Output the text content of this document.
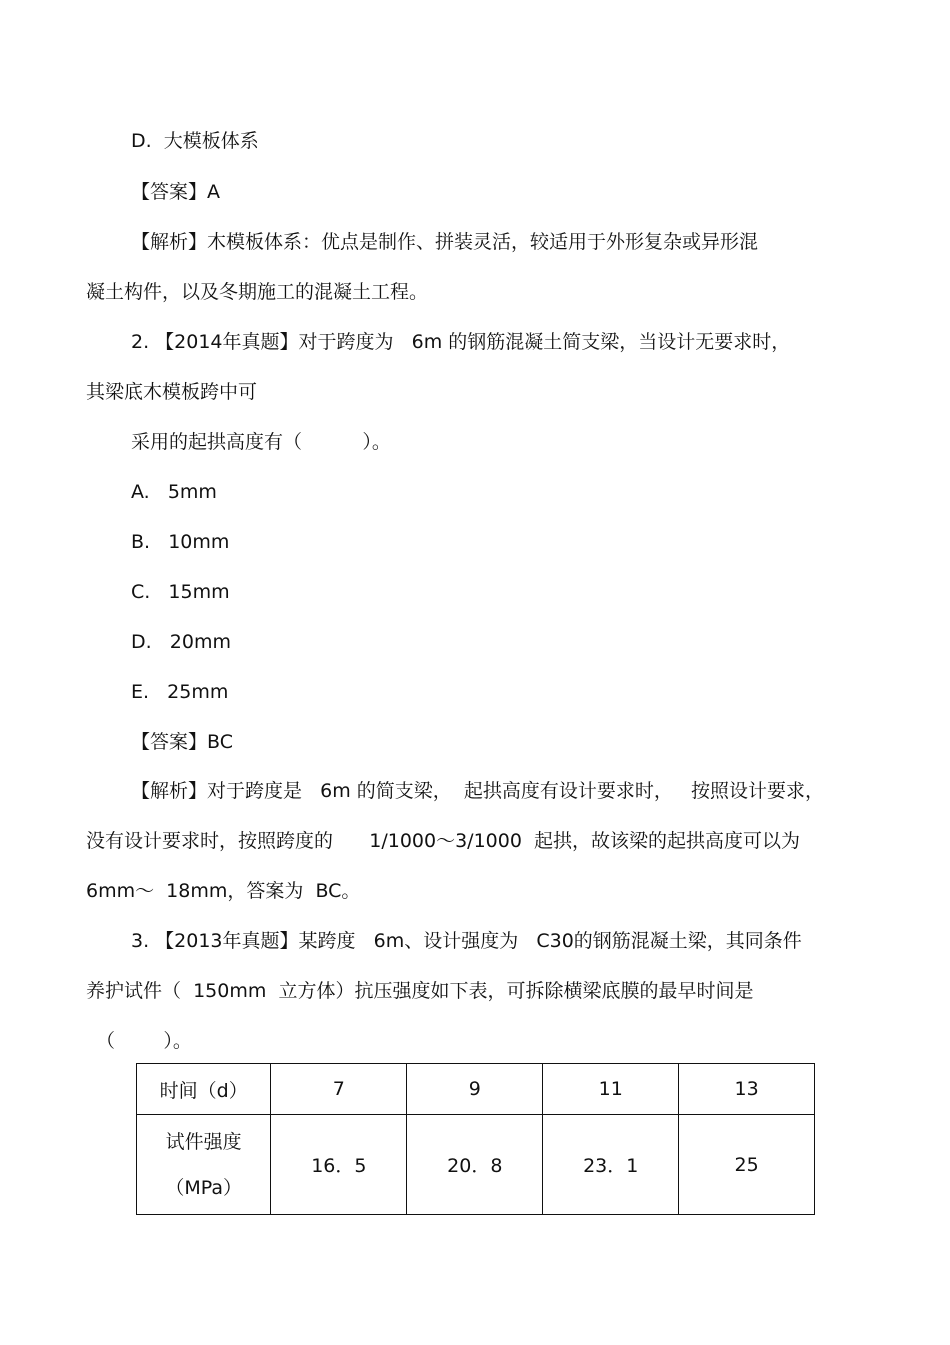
D.  大模板体系
【答案】A
【解析】木模板体系：优点是制作、拼装灵活，较适用于外形复杂或异形混
凝土构件，以及冬期施工的混凝土工程。
2. 【2014年真题】对于跨度为   6m 的钢筋混凝土简支梁，当设计无要求时，
其梁底木模板跨中可
采用的起拱高度有（          ）。
A.   5mm
B.   10mm
C.   15mm
D.   20mm
E.   25mm
【答案】BC
【解析】对于跨度是   6m 的简支梁，  起拱高度有设计要求时，   按照设计要求，
没有设计要求时，按照跨度的      1/1000～3/1000  起拱，故该梁的起拱高度可以为
6mm～  18mm，答案为  BC。
3. 【2013年真题】某跨度   6m、设计强度为   C30的钢筋混凝土梁，其同条件
养护试件（  150mm  立方体）抗压强度如下表，可拆除横梁底膜的最早时间是
（        ）。
时间（d）	7	9	11	13

试件强度
（MPa）	16．5	20．8	23．1	25
